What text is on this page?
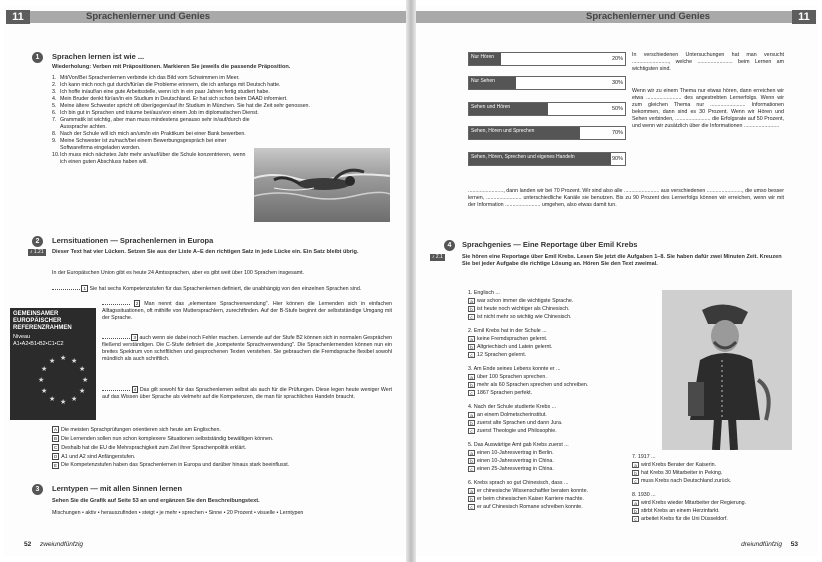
11	Sprachenlerner und Genies
1	Sprachen lernen ist wie ...
Wiederholung: Verben mit Präpositionen. Markieren Sie jeweils die passende Präposition.
1. Mit/Von/Bei Sprachenlernen verbinde ich das Bild vom Schwimmen im Meer.
2. Ich kann mich noch gut durch/für/an die Probleme erinnern, die ich anfangs mit Deutsch hatte.
3. Ich hoffe in/auf/an eine gute Arbeitsstelle, wenn ich in ein paar Jahren fertig studiert habe.
4. Mein Bruder denkt für/an/in ein Studium in Deutschland. Er hat sich schon beim DAAD informiert.
5. Meine ältere Schwester spricht oft über/gegen/auf ihr Studium in München. Sie hat die Zeit sehr genossen.
6. Ich bin gut in Sprachen und träume bei/aus/von einem Job im diplomatischen Dienst.
7. Grammatik ist wichtig, aber man muss mindestens genauso sehr in/auf/durch die Aussprache achten.
8. Nach der Schule will ich mich an/um/in ein Praktikum bei einer Bank bewerben.
9. Meine Schwester ist zu/nach/bei einem Bewerbungsgespräch bei einer Softwarefirma eingeladen worden.
10. Ich muss mich nächstes Jahr mehr an/auf/über die Schule konzentrieren, wenn ich einen guten Abschluss haben will.
2	Lernsituationen — Sprachenlernen in Europa
♪ 1.21	Dieser Text hat vier Lücken. Setzen Sie aus der Liste A–E den richtigen Satz in jede Lücke ein. Ein Satz bleibt übrig.
In der Europäischen Union gibt es heute 24 Amtssprachen, aber es gibt weit über 100 Sprachen insgesamt.
1 Sie hat sechs Kompetenzstufen für das Sprachenlernen definiert, die unabhängig von den einzelnen Sprachen sind.
GEMEINSAMER
EUROPÄISCHER
REFERENZRAHMEN
Niveau
A1•A2•B1•B2•C1•C2
★
★
★
★
★
★
★
★
★ ★ ★
★
2 Man nennt das „elementare Sprachverwendung". Hier können die Lernenden sich in einfachen Alltagssituationen, oft mithilfe von Muttersprachlern, zurechtfinden. Auf der B-Stufe beginnt der selbstständige Umgang mit der Sprache.
3 auch wenn sie dabei noch Fehler machen. Lernende auf der Stufe B2 können sich in normalen Gesprächen fließend verständigen. Die C-Stufe definiert die „kompetente Sprachverwendung". Die Sprachenlernenden können nun ein breites Spektrum von schriftlichen und gesprochenen Texten verstehen. Sie gebrauchen die Fremdsprache flexibel sowohl mündlich als auch schriftlich.
4 Das gilt sowohl für das Sprachenlernen selbst als auch für die Prüfungen. Diese legen heute weniger Wert auf das Wissen über Sprache als vielmehr auf die Kompetenzen, die man für sprachliches Handeln braucht.
A Die meisten Sprachprüfungen orientieren sich heute am Englischen.
B Die Lernenden sollen nun schon komplexere Situationen selbstständig bewältigen können.
C Deshalb hat die EU die Mehrsprachigkeit zum Ziel ihrer Sprachenpolitik erklärt.
D A1 und A2 sind Anfängerstufen.
E Die Kompetenzstufen haben das Sprachenlernen in Europa und darüber hinaus stark beeinflusst.
3	Lerntypen — mit allen Sinnen lernen
Sehen Sie die Grafik auf Seite 53 an und ergänzen Sie den Beschreibungstext.
Mischungen • aktiv • herauszufinden • steigt • je mehr • sprechen • Sinne • 20 Prozent • visuelle • Lerntypen
52 zweiundfünfzig
Sprachenlerner und Genies	11
Nur Hören	20%
Nur Sehen	30%
Sehen und Hören	50%
Sehen, Hören und Sprechen	70%
Sehen, Hören, Sprechen und eigenes Handeln	90%
In verschiedenen Untersuchungen hat man versucht ........................., welche ........................ beim Lernen am wichtigsten sind.
Wenn wir zu einem Thema nur etwas hören, dann erreichen wir etwa ........................ des angestrebten Lernerfolgs. Wenn wir zum gleichen Thema nur ........................ Informationen bekommen, dann sind es 30 Prozent. Wenn wir Hören und Sehen verbinden, ........................ die Erfolgsrate auf 50 Prozent, und wenn wir zusätzlich über die Informationen ........................
........................, dann landen wir bei 70 Prozent. Wir sind also alle ........................ aus verschiedenen ........................, die umso besser lernen, ........................ unterschiedliche Kanäle sie benutzen. Bis zu 90 Prozent des Lernerfolgs können wir erreichen, wenn wir mit der Information ........................ umgehen, also etwas damit tun.
4	Sprachgenies — Eine Reportage über Emil Krebs
♪ 2.1	Sie hören eine Reportage über Emil Krebs. Lesen Sie jetzt die Aufgaben 1–8. Sie haben dafür zwei Minuten Zeit. Kreuzen Sie bei jeder Aufgabe die richtige Lösung an. Hören Sie den Text zweimal.
1. Englisch ...
a war schon immer die wichtigste Sprache.
b ist heute noch wichtiger als Chinesisch.
c ist nicht mehr so wichtig wie Chinesisch.
2. Emil Krebs hat in der Schule ...
a keine Fremdsprachen gelernt.
b Altgriechisch und Latein gelernt.
c 12 Sprachen gelernt.
3. Am Ende seines Lebens konnte er ...
a über 100 Sprachen sprechen.
b mehr als 60 Sprachen sprechen und schreiben.
c 1867 Sprachen perfekt.
4. Nach der Schule studierte Krebs ...
a an einem Dolmetscherinstitut.
b zuerst alte Sprachen und dann Jura.
c zuerst Theologie und Philosophie.
5. Das Auswärtige Amt gab Krebs zuerst ...
a einen 10-Jahresvertrag in Berlin.
b einen 10-Jahresvertrag in China.
c einen 25-Jahresvertrag in China.
6. Krebs sprach so gut Chinesisch, dass ...
a er chinesische Wissenschaftler beraten konnte.
b er beim chinesischen Kaiser Karriere machte.
c er auf Chinesisch Romane schreiben konnte.
7. 1917 ...
a wird Krebs Berater der Kaiserin.
b hat Krebs 30 Mitarbeiter in Peking.
c muss Krebs nach Deutschland zurück.
8. 1930 ...
a wird Krebs wieder Mitarbeiter der Regierung.
b stirbt Krebs an einem Herzinfarkt.
c arbeitet Krebs für die Uni Düsseldorf.
dreiundfünfzig 53
